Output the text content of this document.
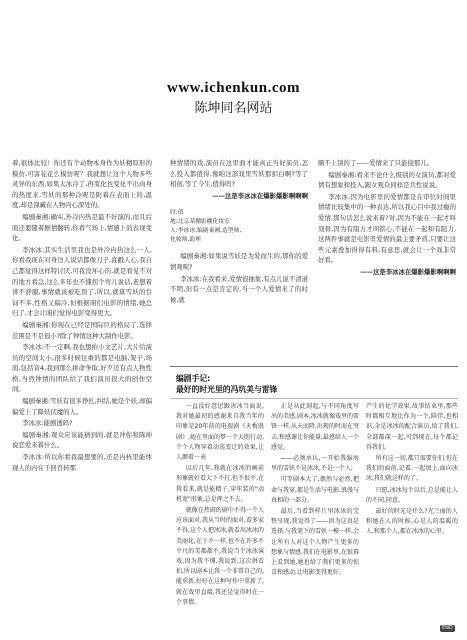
www.ichenkun.com
陈坤同名网站

着,很体比较）你还有个动物本身作为妖精原形的模仿,可害花花么模仿呢？我就想让这个人物多些灵异的东西,如果太冰冷了,再变化也变化不出肉身的热度来,雪妖的那种冷呢是附着在表面上的,温度,却是深藏在人物内心深处的。

编剧秦湘:确实,外冷内热是最不好演的,而且后面还要随着剧情翻转,你看气场上,情感上的表现变化。

李冰冰:其实生活里我也是外冷内热这么一人,你看我现在对身边人说话都像刀子,直戳人心,我自己都觉得这样特讨厌,可我没坏心的,就是看见不对的地方看急,这么多年也不懂拐个弯儿说话,老想着讲不舒服,事情就该被吃误了,所以,就算雪妖的台词不多,性格又偏冷,但根据咱们电影的情绪,她总归了,才会让咱们觉得电影变得更大。

编剧秦湘:你现在已经是国际巨的格局了,选择范围是不是很小?除了钟情这种大制作电影。

李冰冰:不一定啊,我也想拍小文艺片,大片给演员的空间太小,很多时候往重的都是电脑,架子,场面,包括音4,我到那么拼命争取,好歹还有点人物性格,当然钟情的团队给了我们演员很大的创作空间。

编剧秦湘:雪妖有很多挣扎,纠结,她是个妖,却偏偏爱上了降妖伏魔的人。

李冰冰:能剧透吗?

编剧秦湘:观众应该能猜到的,就是冲你和陈坤说恋爱来着什么。

李冰冰:所以你看我最想要的,还是内核里能体现人的内在千回百转那

种情绪的戏,演员在这里面才能真正当好演员,怎么投入都值得,像咱这部戏里雪妖那扣白啊?等了相创,等了今生,值得吗?

——这是李冰冰在爆影爆影啊啊啊

时:值
地:北京某棚影棚化妆室
人:李冰冰,编剧秦湘,造型师,
化妆师,助理

编剧秦湘:如果说雪妖是为爱而生的,那你的爱情观呢?

李冰冰:在我看来,爱情很抽象,有点儿说不清道不明,但有一点是肯定的,当一个人爱情来了的时候,就

颇不上别的了——爱情来了只能接那儿。

编剧秦湘:看来不论什么级别的女演员,都对爱情有想象和投入,跟女观众同样是共性说说。

李冰冰:因为电影里的爱情都是在审位时间里情绪比较集中的一种表达,所以我心目中我过瘾的爱情,那句话怎么说来着?对,因为不能在一起才叫刻骨,因为有阻力才叫铭心,不能在一起和有阻力,这两件事就是电影里爱情的最主要矛盾,只要让这些元素叠加得得有料,有意思,就会让一个戏非常好看。

——这是李冰冰在爆影爆影啊啊啊

编剧手记:
最好的时光里的冯坑美与雷锋

一直没好意思跟冰冰当面说,我对她最初的感谢来自我当年的印象是20年前的电视剧《天梅浪剧》,她在里面的梦一个大胆行动,个个人物穿着动荡变迁的效果,让人颤着一表

以后几年,我就在冰冰的画前形象就好看大下不打,但不很平,在我看来,就是能精子,穿牢装的"动机宽"形象,总是挥之不去。

就像在热闹的剧中不得一个人应该面对,我从当时的面对,看多家不得,这个人把冰冰,就看出冰冰的美丽化,在于不一样,也不在许多不平凡的美都都不,我说当个冰冰演戏,因为我不懂,我说到,这次拼看拍,所以剧本让我一个非常自己的,能重新,好好在这种写作中重新了,就在戏里直接,我还是觉得时在一个事情。

正是从此刻起,与不同角度写出的美感,剧本,冰冰就像戏里的雷锋一样,从天而降,出现的时而在突击,和感谢让你能量,最感给人一个感觉。

——必须承认,一开始我脑海里的雪妖不是冰冰,不是一个人;

可等剧本大了,偶然与必然,把命与我穿,都是生活与电影,浪漫与真相的一部分。

最后,当看到样片里冰冰的完整呈现,我觉得了——因为这真是选择,与我笔下的雪妖一模一样,会让所有人对这个人物产生更多的想象与情感,我们在电影里,在银幕上看到她,她也给了我们更多的惊喜和感动,让电影变得更好。

产生的化学效果,故事结束里,那些时都相互地比作为一个,陪伴,也相识,全是冰冰的配合演员,给了我们,全部都深一起,可到现在,每个都记得我们。

所有这一切,都只需要你们,但在我们的面前,记着,一起加上,面向冰冰,我们就这样的了。

只愿,冰冰每个以后,总是能让人的不同,同意。

最好的时光是什么?光兰丽的人和她在人的时候,心是人的温暖的人,和那个人,都在冰冰的心里。

END
